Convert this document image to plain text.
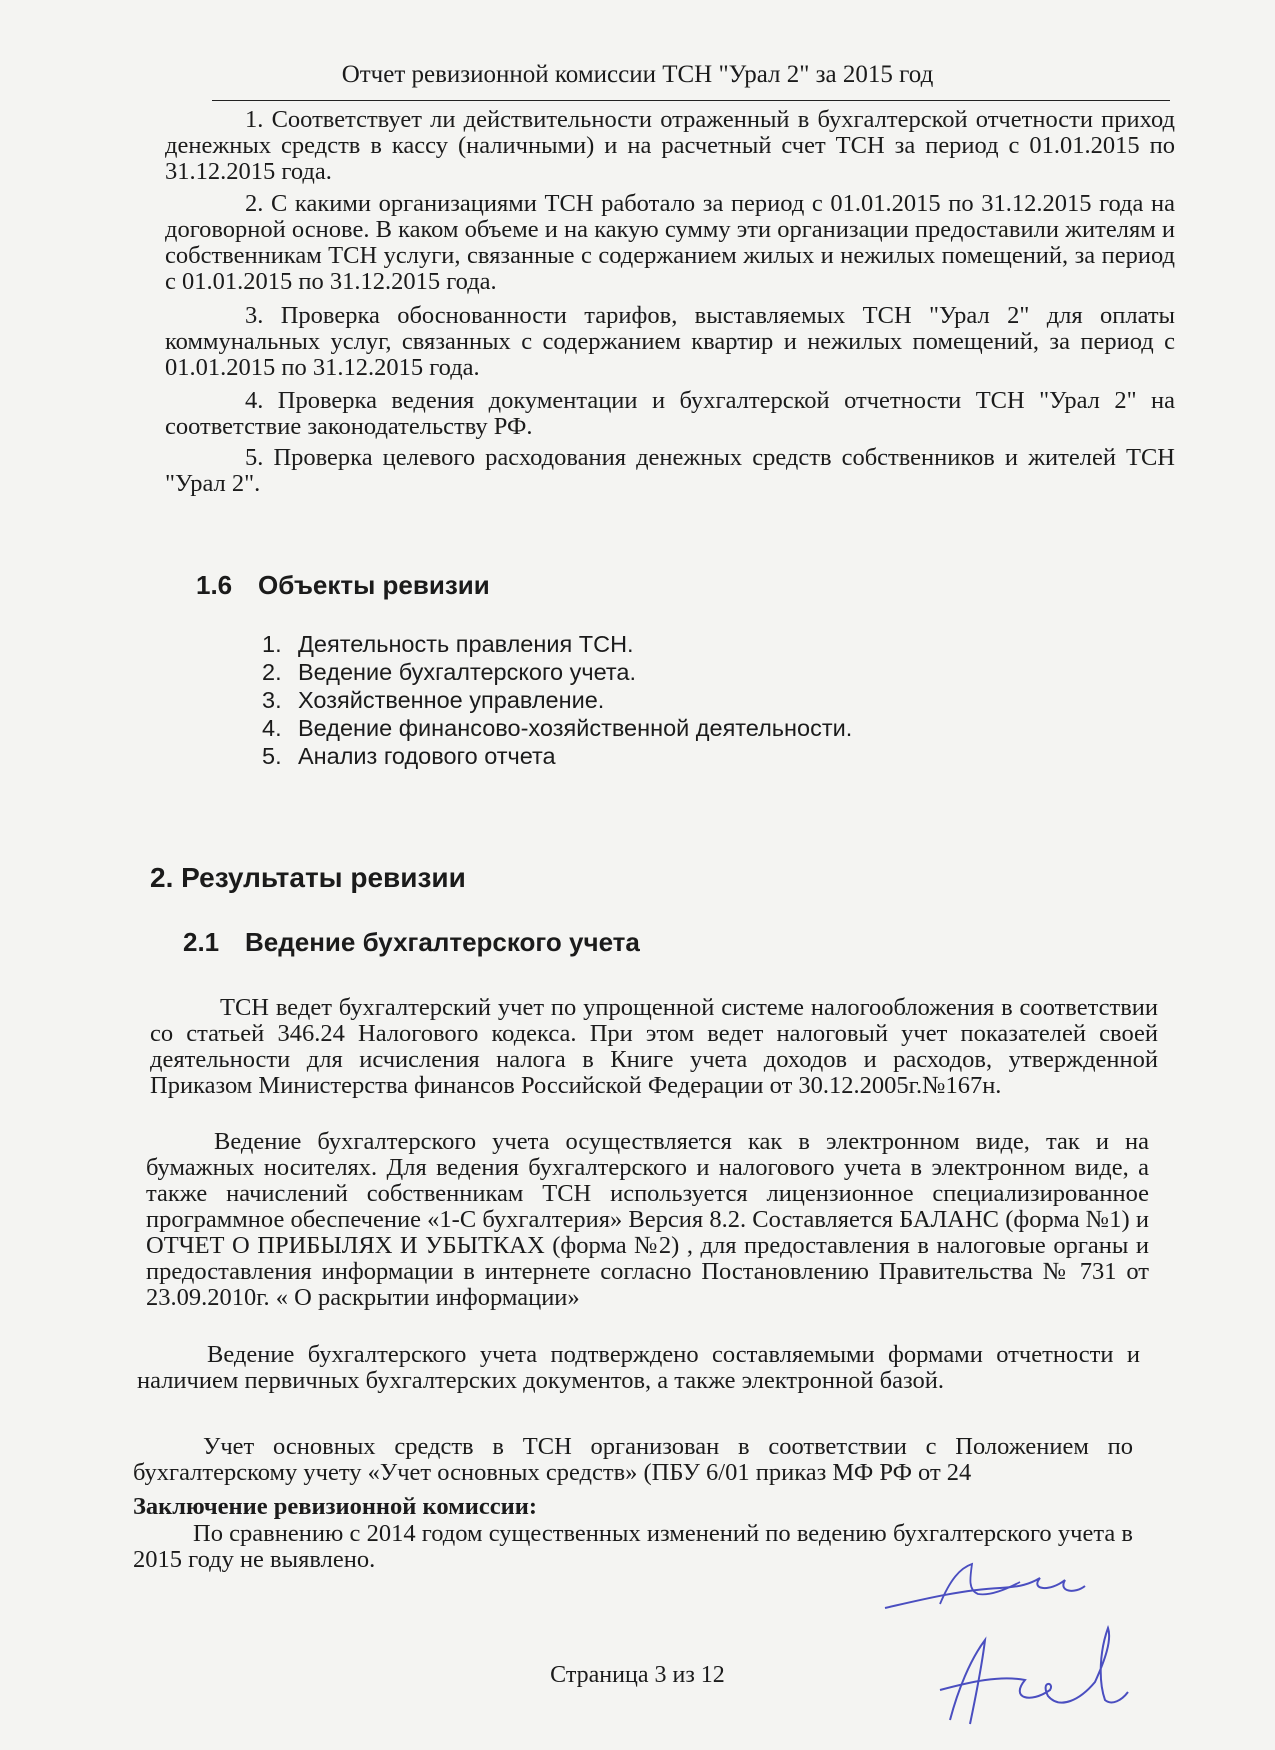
Отчет ревизионной комиссии ТСН "Урал 2" за 2015 год
1. Соответствует ли действительности отраженный в бухгалтерской отчетности приход денежных средств в кассу (наличными) и на расчетный счет ТСН за период с 01.01.2015 по 31.12.2015 года.
2. С какими организациями ТСН работало за период с 01.01.2015 по 31.12.2015 года на договорной основе. В каком объеме и на какую сумму эти организации предоставили жителям и собственникам ТСН услуги, связанные с содержанием жилых и нежилых помещений, за период с 01.01.2015 по 31.12.2015 года.
3. Проверка обоснованности тарифов, выставляемых ТСН "Урал 2" для оплаты коммунальных услуг, связанных с содержанием квартир и нежилых помещений, за период с 01.01.2015 по 31.12.2015 года.
4. Проверка ведения документации и бухгалтерской отчетности ТСН "Урал 2" на соответствие законодательству РФ.
5. Проверка целевого расходования денежных средств собственников и жителей ТСН "Урал 2".
1.6 Объекты ревизии
1. Деятельность правления ТСН.
2. Ведение бухгалтерского учета.
3. Хозяйственное управление.
4. Ведение финансово-хозяйственной деятельности.
5. Анализ годового отчета
2. Результаты ревизии
2.1 Ведение бухгалтерского учета
ТСН ведет бухгалтерский учет по упрощенной системе налогообложения в соответствии со статьей 346.24 Налогового кодекса. При этом ведет налоговый учет показателей своей деятельности для исчисления налога в Книге учета доходов и расходов, утвержденной Приказом Министерства финансов Российской Федерации от 30.12.2005г.№167н.
Ведение бухгалтерского учета осуществляется как в электронном виде, так и на бумажных носителях. Для ведения бухгалтерского и налогового учета в электронном виде, а также начислений собственникам ТСН используется лицензионное специализированное программное обеспечение «1-С бухгалтерия» Версия 8.2. Составляется БАЛАНС (форма №1) и ОТЧЕТ О ПРИБЫЛЯХ И УБЫТКАХ (форма №2) , для предоставления в налоговые органы и предоставления информации в интернете согласно Постановлению Правительства № 731 от 23.09.2010г. « О раскрытии информации»
Ведение бухгалтерского учета подтверждено составляемыми формами отчетности и наличием первичных бухгалтерских документов, а также электронной базой.
Учет основных средств в ТСН организован в соответствии с Положением по бухгалтерскому учету «Учет основных средств» (ПБУ 6/01 приказ МФ РФ от 24
Заключение ревизионной комиссии:
По сравнению с 2014 годом существенных изменений по ведению бухгалтерского учета в 2015 году не выявлено.
Страница 3 из 12
